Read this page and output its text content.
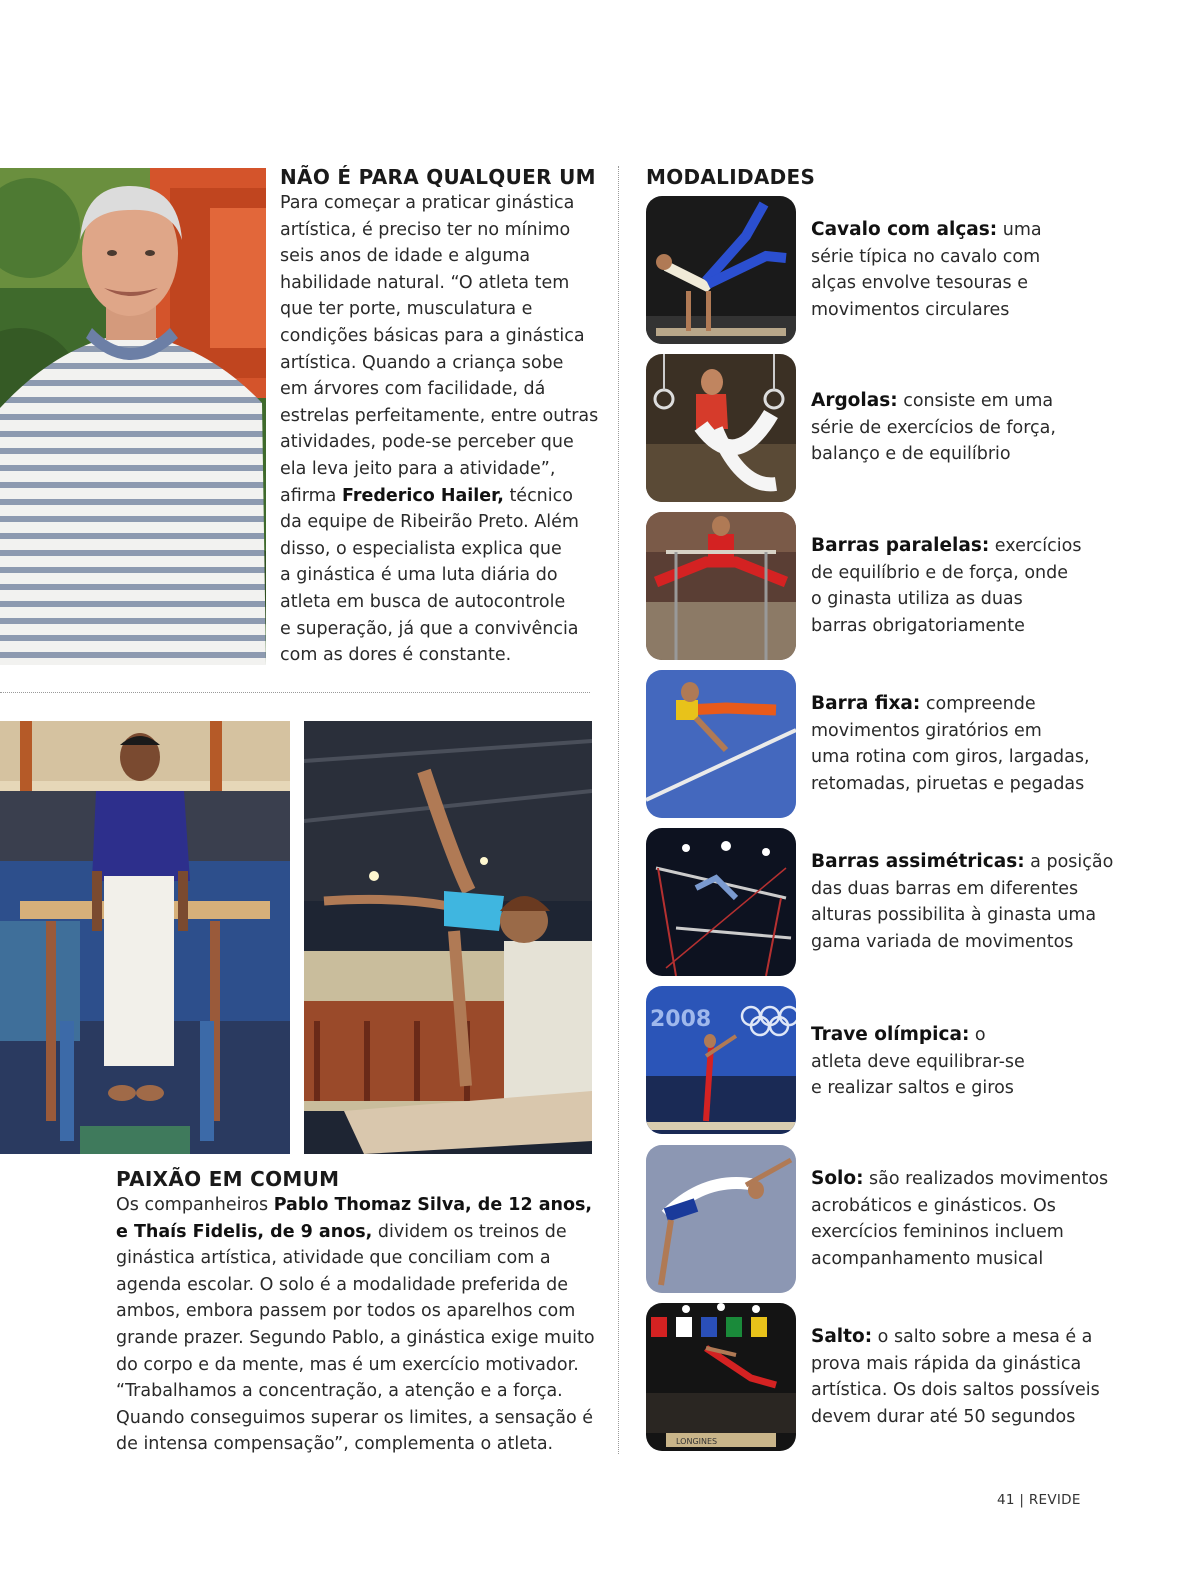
NÃO É PARA QUALQUER UM

Para começar a praticar ginástica
artística, é preciso ter no mínimo
seis anos de idade e alguma
habilidade natural. “O atleta tem
que ter porte, musculatura e
condições básicas para a ginástica
artística. Quando a criança sobe
em árvores com facilidade, dá
estrelas perfeitamente, entre outras
atividades, pode-se perceber que
ela leva jeito para a atividade”,
afirma Frederico Hailer, técnico
da equipe de Ribeirão Preto. Além
disso, o especialista explica que
a ginástica é uma luta diária do
atleta em busca de autocontrole
e superação, já que a convivência
com as dores é constante.

PAIXÃO EM COMUM

Os companheiros Pablo Thomaz Silva, de 12 anos,
e Thaís Fidelis, de 9 anos, dividem os treinos de
ginástica artística, atividade que conciliam com a
agenda escolar. O solo é a modalidade preferida de
ambos, embora passem por todos os aparelhos com
grande prazer. Segundo Pablo, a ginástica exige muito
do corpo e da mente, mas é um exercício motivador.
“Trabalhamos a concentração, a atenção e a força.
Quando conseguimos superar os limites, a sensação é
de intensa compensação”, complementa o atleta.

MODALIDADES

Cavalo com alças: uma
série típica no cavalo com
alças envolve tesouras e
movimentos circulares

Argolas: consiste em uma
série de exercícios de força,
balanço e de equilíbrio

Barras paralelas: exercícios
de equilíbrio e de força, onde
o ginasta utiliza as duas
barras obrigatoriamente

Barra fixa: compreende
movimentos giratórios em
uma rotina com giros, largadas,
retomadas, piruetas e pegadas

Barras assimétricas: a posição
das duas barras em diferentes
alturas possibilita à ginasta uma
gama variada de movimentos

2008

Trave olímpica: o
atleta deve equilibrar-se
e realizar saltos e giros

Solo: são realizados movimentos
acrobáticos e ginásticos. Os
exercícios femininos incluem
acompanhamento musical

LONGINES

Salto: o salto sobre a mesa é a
prova mais rápida da ginástica
artística. Os dois saltos possíveis
devem durar até 50 segundos

41 | REVIDE
